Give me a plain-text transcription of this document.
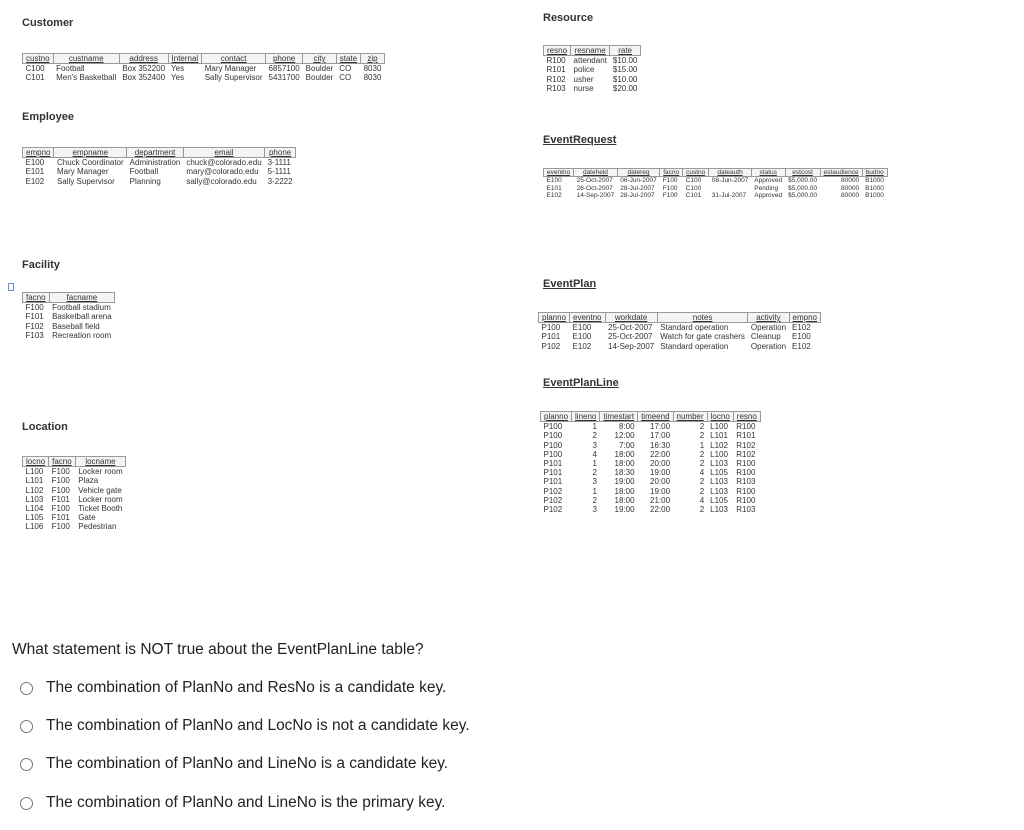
Customer
Employee
Facility
Location
Resource
EventRequest
EventPlan
EventPlanLine
custno	custname	address	Internal	contact	phone	city	state	zip
C100	Football	Box 352200	Yes	Mary Manager	6857100	Boulder	CO	8030
C101	Men's Basketball	Box 352400	Yes	Sally Supervisor	5431700	Boulder	CO	8030
empno	empname	department	email	phone
E100	Chuck Coordinator	Administration	chuck@colorado.edu	3-1111
E101	Mary Manager	Football	mary@colorado.edu	5-1111
E102	Sally Supervisor	Planning	sally@colorado.edu	3-2222
facno	facname
F100	Football stadium
F101	Basketball arena
F102	Baseball field
F103	Recreation room
locno	facno	locname
L100	F100	Locker room
L101	F100	Plaza
L102	F100	Vehicle gate
L103	F101	Locker room
L104	F100	Ticket Booth
L105	F101	Gate
L106	F100	Pedestrian
resno	resname	rate
R100	attendant	$10.00
R101	police	$15.00
R102	usher	$10.00
R103	nurse	$20.00
eventno	dateheld	datereq	facno	custno	dateauth	status	estcost	estaudience	budno
E100	25-Oct-2007	06-Jun-2007	F100	C100	08-Jun-2007	Approved	$5,000.00	80000	B1000
E101	26-Oct-2007	28-Jul-2007	F100	C100		Pending	$5,000.00	80000	B1000
E102	14-Sep-2007	28-Jul-2007	F100	C101	31-Jul-2007	Approved	$5,000.00	80000	B1000
planno	eventno	workdate	notes	activity	empno
P100	E100	25-Oct-2007	Standard operation	Operation	E102
P101	E100	25-Oct-2007	Watch for gate crashers	Cleanup	E100
P102	E102	14-Sep-2007	Standard operation	Operation	E102
planno	lineno	timestart	timeend	number	locno	resno
P100	1	8:00	17:00	2	L100	R100
P100	2	12:00	17:00	2	L101	R101
P100	3	7:00	16:30	1	L102	R102
P100	4	18:00	22:00	2	L100	R102
P101	1	18:00	20:00	2	L103	R100
P101	2	18:30	19:00	4	L105	R100
P101	3	19:00	20:00	2	L103	R103
P102	1	18:00	19:00	2	L103	R100
P102	2	18:00	21:00	4	L105	R100
P102	3	19:00	22:00	2	L103	R103
What statement is NOT true about the EventPlanLine table?
The combination of PlanNo and ResNo is a candidate key.
The combination of PlanNo and LocNo is not a candidate key.
The combination of PlanNo and LineNo is a candidate key.
The combination of PlanNo and LineNo is the primary key.
